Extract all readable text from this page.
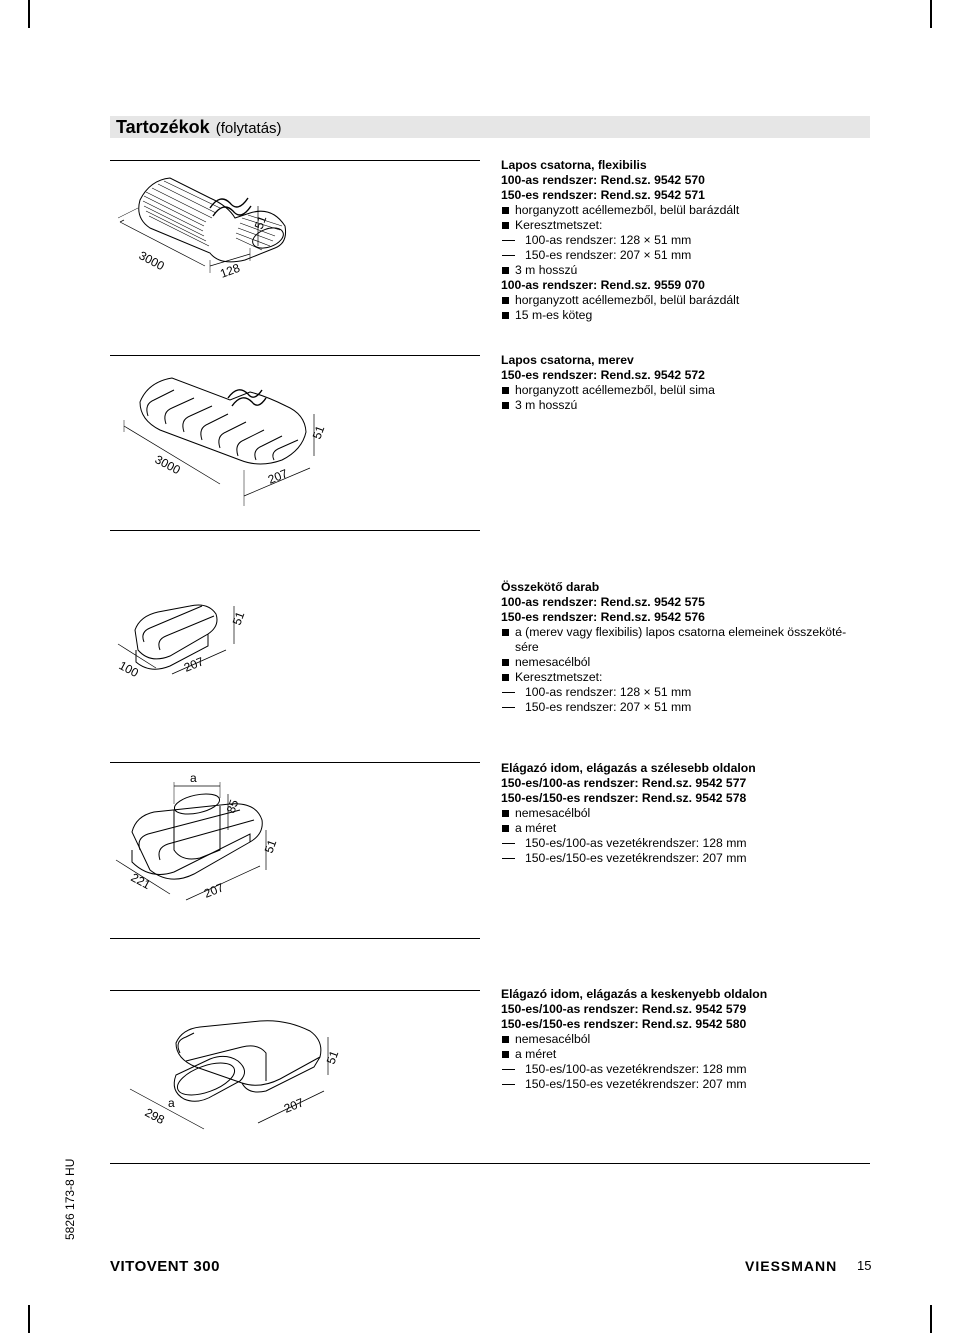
Tartozékok (folytatás)
3000	128
51
Lapos csatorna, flexibilis
100-as rendszer: Rend.sz. 9542 570
150-es rendszer: Rend.sz. 9542 571
horganyzott acéllemezből, belül barázdált
Keresztmetszet:
100-as rendszer: 128 × 51 mm
150-es rendszer: 207 × 51 mm
3 m hosszú
100-as rendszer: Rend.sz. 9559 070
horganyzott acéllemezből, belül barázdált
15 m-es köteg
3000	207
51
Lapos csatorna, merev
150-es rendszer: Rend.sz. 9542 572
horganyzott acéllemezből, belül sima
3 m hosszú
100	207
51
Összekötő darab
100-as rendszer: Rend.sz. 9542 575
150-es rendszer: Rend.sz. 9542 576
a (merev vagy flexibilis) lapos csatorna elemeinek összeköté-
sére
nemesacélból
Keresztmetszet:
100-as rendszer: 128 × 51 mm
150-es rendszer: 207 × 51 mm
221	207
51
85
a
Elágazó idom, elágazás a szélesebb oldalon
150-es/100-as rendszer: Rend.sz. 9542 577
150-es/150-es rendszer: Rend.sz. 9542 578
nemesacélból
a méret
150-es/100-as vezetékrendszer: 128 mm
150-es/150-es vezetékrendszer: 207 mm
298	207
51
a
Elágazó idom, elágazás a keskenyebb oldalon
150-es/100-as rendszer: Rend.sz. 9542 579
150-es/150-es rendszer: Rend.sz. 9542 580
nemesacélból
a méret
150-es/100-as vezetékrendszer: 128 mm
150-es/150-es vezetékrendszer: 207 mm
5826 173-8 HU
VITOVENT 300	VIESSMANN 15
